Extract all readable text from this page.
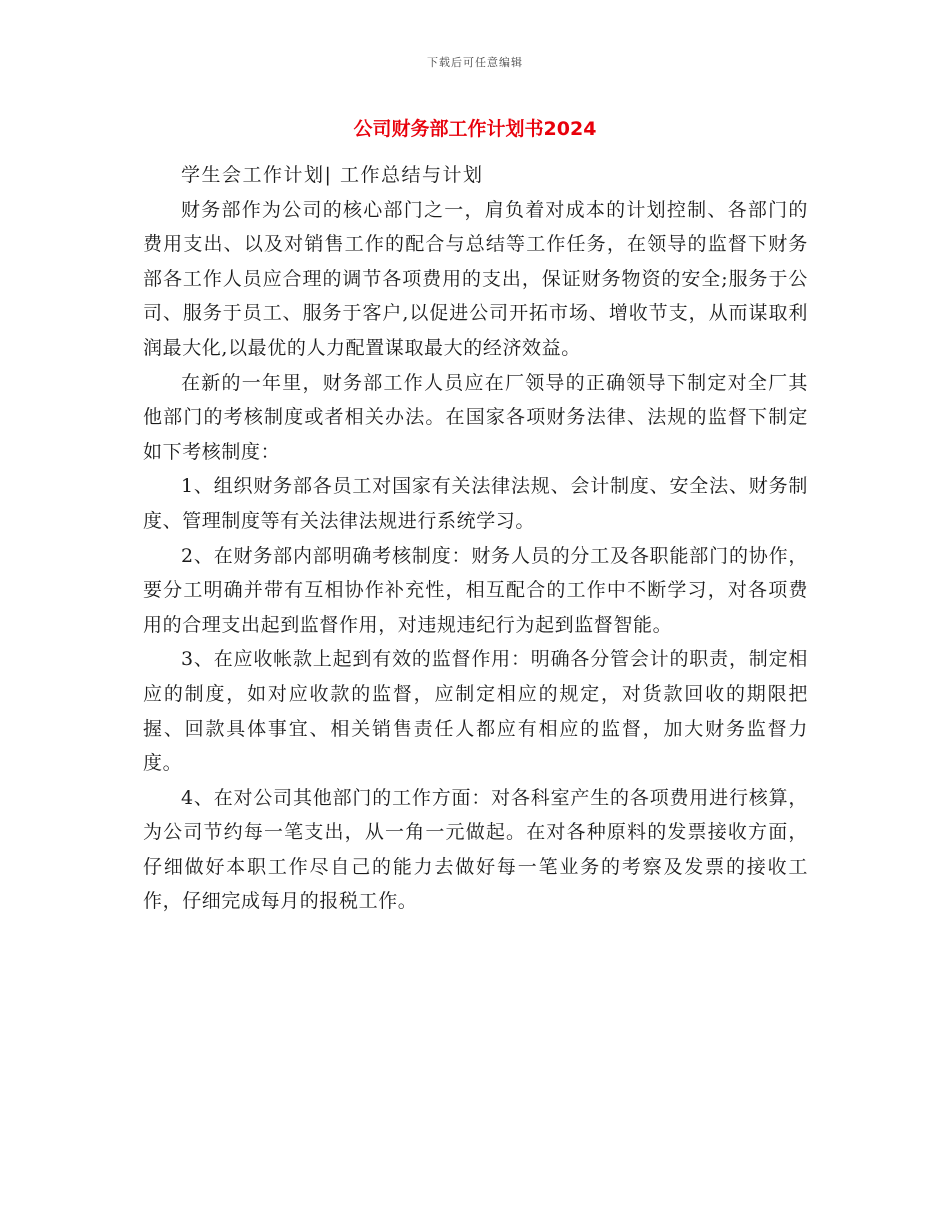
下载后可任意编辑
公司财务部工作计划书2024

学生会工作计划| 工作总结与计划

财务部作为公司的核心部门之一，肩负着对成本的计划控制、各部门的费用支出、以及对销售工作的配合与总结等工作任务，在领导的监督下财务部各工作人员应合理的调节各项费用的支出，保证财务物资的安全;服务于公司、服务于员工、服务于客户,以促进公司开拓市场、增收节支，从而谋取利润最大化,以最优的人力配置谋取最大的经济效益。

在新的一年里，财务部工作人员应在厂领导的正确领导下制定对全厂其他部门的考核制度或者相关办法。在国家各项财务法律、法规的监督下制定如下考核制度：

1、组织财务部各员工对国家有关法律法规、会计制度、安全法、财务制度、管理制度等有关法律法规进行系统学习。

2、在财务部内部明确考核制度：财务人员的分工及各职能部门的协作，要分工明确并带有互相协作补充性，相互配合的工作中不断学习，对各项费用的合理支出起到监督作用，对违规违纪行为起到监督智能。

3、在应收帐款上起到有效的监督作用：明确各分管会计的职责，制定相应的制度，如对应收款的监督，应制定相应的规定，对货款回收的期限把握、回款具体事宜、相关销售责任人都应有相应的监督，加大财务监督力度。

4、在对公司其他部门的工作方面：对各科室产生的各项费用进行核算，为公司节约每一笔支出，从一角一元做起。在对各种原料的发票接收方面，仔细做好本职工作尽自己的能力去做好每一笔业务的考察及发票的接收工作，仔细完成每月的报税工作。
